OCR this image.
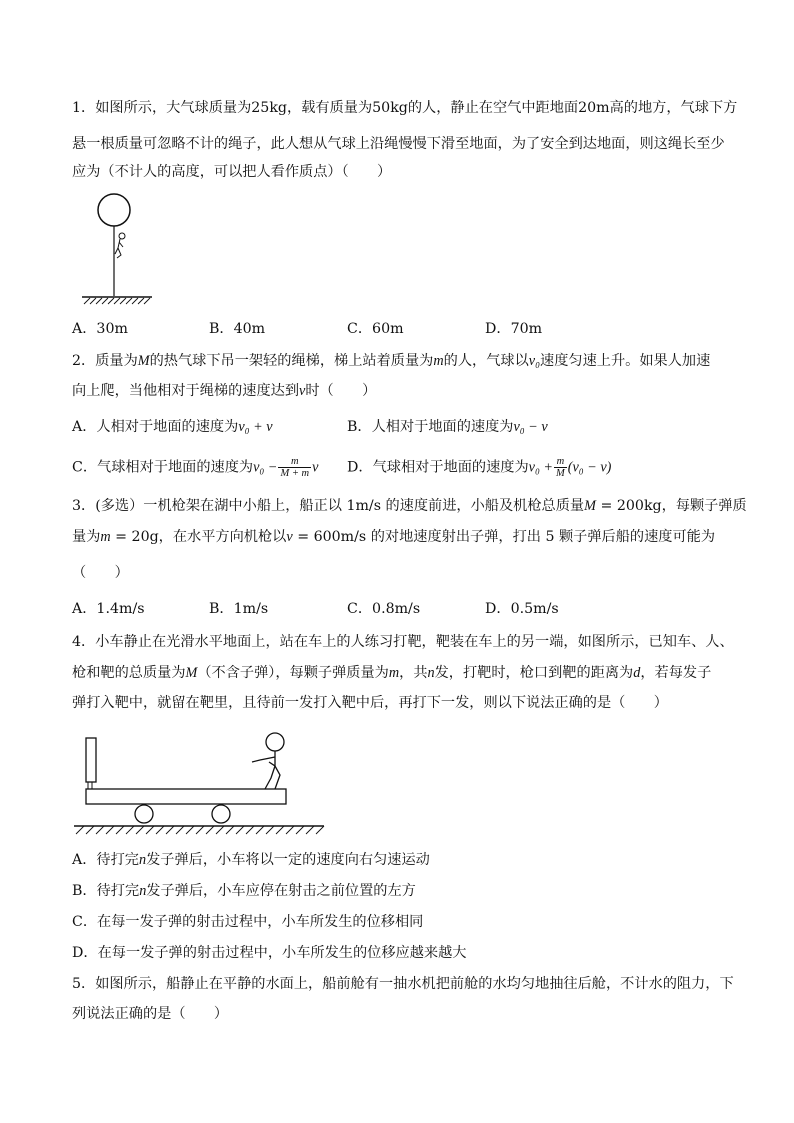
1．如图所示，大气球质量为25kg，载有质量为50kg的人，静止在空气中距地面20m高的地方，气球下方
悬一根质量可忽略不计的绳子，此人想从气球上沿绳慢慢下滑至地面，为了安全到达地面，则这绳长至少
应为（不计人的高度，可以把人看作质点）（　　）
A．30m	B．40m	C．60m	D．70m
2．质量为M的热气球下吊一架轻的绳梯，梯上站着质量为m的人，气球以v₀速度匀速上升。如果人加速
向上爬，当他相对于绳梯的速度达到v时（　　）
A．人相对于地面的速度为v₀ + v	B．人相对于地面的速度为v₀ − v
C．气球相对于地面的速度为$v_0 - \frac{m}{M + m}$ v D．气球相对于地面的速度为$v_0 + \frac{m}{M} (v_0 - v)$
3．(多选）一机枪架在湖中小船上，船正以 1m/s 的速度前进，小船及机枪总质量M = 200kg，每颗子弹质
量为m = 20g，在水平方向机枪以v = 600m/s 的对地速度射出子弹，打出 5 颗子弹后船的速度可能为
（　　）
A．1.4m/s	B．1m/s	C．0.8m/s	D．0.5m/s
4．小车静止在光滑水平地面上，站在车上的人练习打靶，靶装在车上的另一端，如图所示，已知车、人、
枪和靶的总质量为M（不含子弹），每颗子弹质量为m，共n发，打靶时，枪口到靶的距离为d，若每发子
弹打入靶中，就留在靶里，且待前一发打入靶中后，再打下一发，则以下说法正确的是（　　）
A．待打完n发子弹后，小车将以一定的速度向右匀速运动
B．待打完n发子弹后，小车应停在射击之前位置的左方
C．在每一发子弹的射击过程中，小车所发生的位移相同
D．在每一发子弹的射击过程中，小车所发生的位移应越来越大
5．如图所示，船静止在平静的水面上，船前舱有一抽水机把前舱的水均匀地抽往后舱，不计水的阻力，下
列说法正确的是（　　）
